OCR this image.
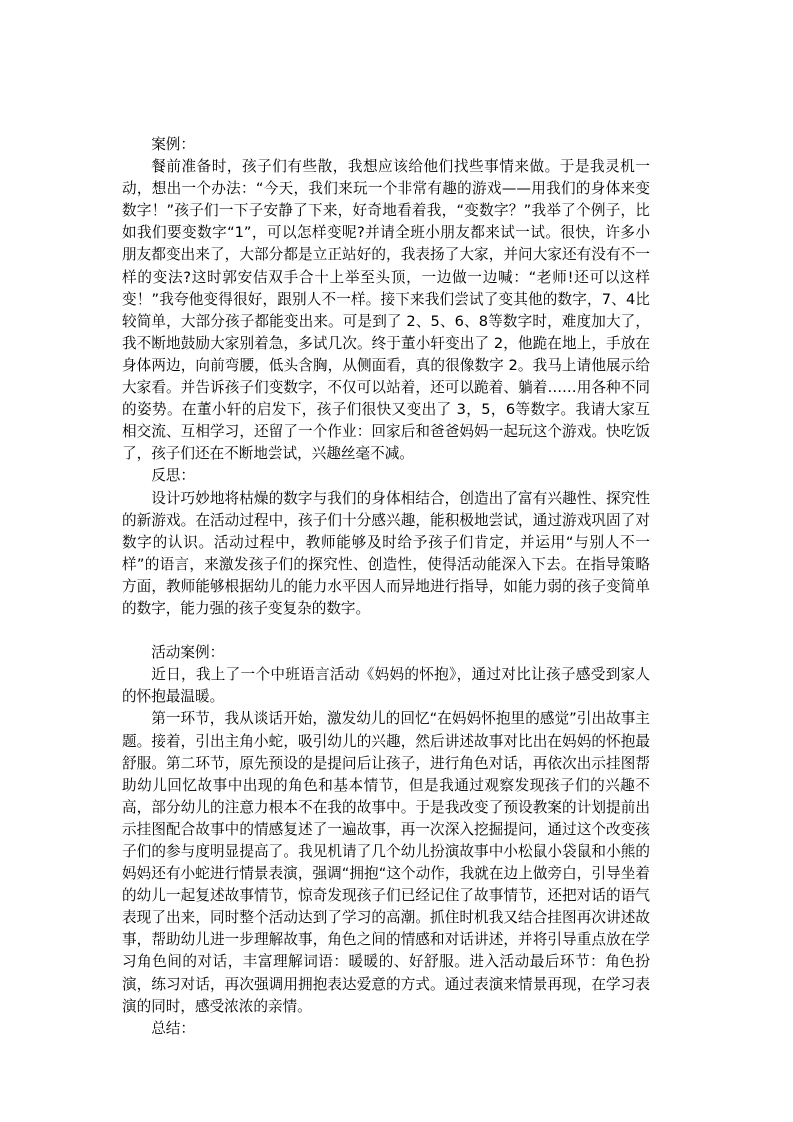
案例：

餐前准备时，孩子们有些散，我想应该给他们找些事情来做。于是我灵机一动，想出一个办法：“今天，我们来玩一个非常有趣的游戏——用我们的身体来变数字！”孩子们一下子安静了下来，好奇地看着我，“变数字？”我举了个例子，比如我们要变数字“1”，可以怎样变呢?并请全班小朋友都来试一试。很快，许多小朋友都变出来了，大部分都是立正站好的，我表扬了大家，并问大家还有没有不一样的变法?这时郭安佶双手合十上举至头顶，一边做一边喊：“老师!还可以这样变！”我夸他变得很好，跟别人不一样。接下来我们尝试了变其他的数字，7、4比较简单，大部分孩子都能变出来。可是到了 2、5、6、8等数字时，难度加大了，我不断地鼓励大家别着急，多试几次。终于董小轩变出了 2，他跪在地上，手放在身体两边，向前弯腰，低头含胸，从侧面看，真的很像数字 2。我马上请他展示给大家看。并告诉孩子们变数字，不仅可以站着，还可以跪着、躺着……用各种不同的姿势。在董小轩的启发下，孩子们很快又变出了 3，5，6等数字。我请大家互相交流、互相学习，还留了一个作业：回家后和爸爸妈妈一起玩这个游戏。快吃饭了，孩子们还在不断地尝试，兴趣丝毫不减。

反思：

设计巧妙地将枯燥的数字与我们的身体相结合，创造出了富有兴趣性、探究性的新游戏。在活动过程中，孩子们十分感兴趣，能积极地尝试，通过游戏巩固了对数字的认识。活动过程中，教师能够及时给予孩子们肯定，并运用“与别人不一样”的语言，来激发孩子们的探究性、创造性，使得活动能深入下去。在指导策略方面，教师能够根据幼儿的能力水平因人而异地进行指导，如能力弱的孩子变简单的数字，能力强的孩子变复杂的数字。

活动案例：

近日，我上了一个中班语言活动《妈妈的怀抱》，通过对比让孩子感受到家人的怀抱最温暖。

第一环节，我从谈话开始，激发幼儿的回忆“在妈妈怀抱里的感觉”引出故事主题。接着，引出主角小蛇，吸引幼儿的兴趣，然后讲述故事对比出在妈妈的怀抱最舒服。第二环节，原先预设的是提问后让孩子，进行角色对话，再依次出示挂图帮助幼儿回忆故事中出现的角色和基本情节，但是我通过观察发现孩子们的兴趣不高，部分幼儿的注意力根本不在我的故事中。于是我改变了预设教案的计划提前出示挂图配合故事中的情感复述了一遍故事，再一次深入挖掘提问，通过这个改变孩子们的参与度明显提高了。我见机请了几个幼儿扮演故事中小松鼠小袋鼠和小熊的妈妈还有小蛇进行情景表演，强调“拥抱“这个动作，我就在边上做旁白，引导坐着的幼儿一起复述故事情节，惊奇发现孩子们已经记住了故事情节，还把对话的语气表现了出来，同时整个活动达到了学习的高潮。抓住时机我又结合挂图再次讲述故事，帮助幼儿进一步理解故事，角色之间的情感和对话讲述，并将引导重点放在学习角色间的对话，丰富理解词语：暖暖的、好舒服。进入活动最后环节：角色扮演，练习对话，再次强调用拥抱表达爱意的方式。通过表演来情景再现，在学习表演的同时，感受浓浓的亲情。

总结：
